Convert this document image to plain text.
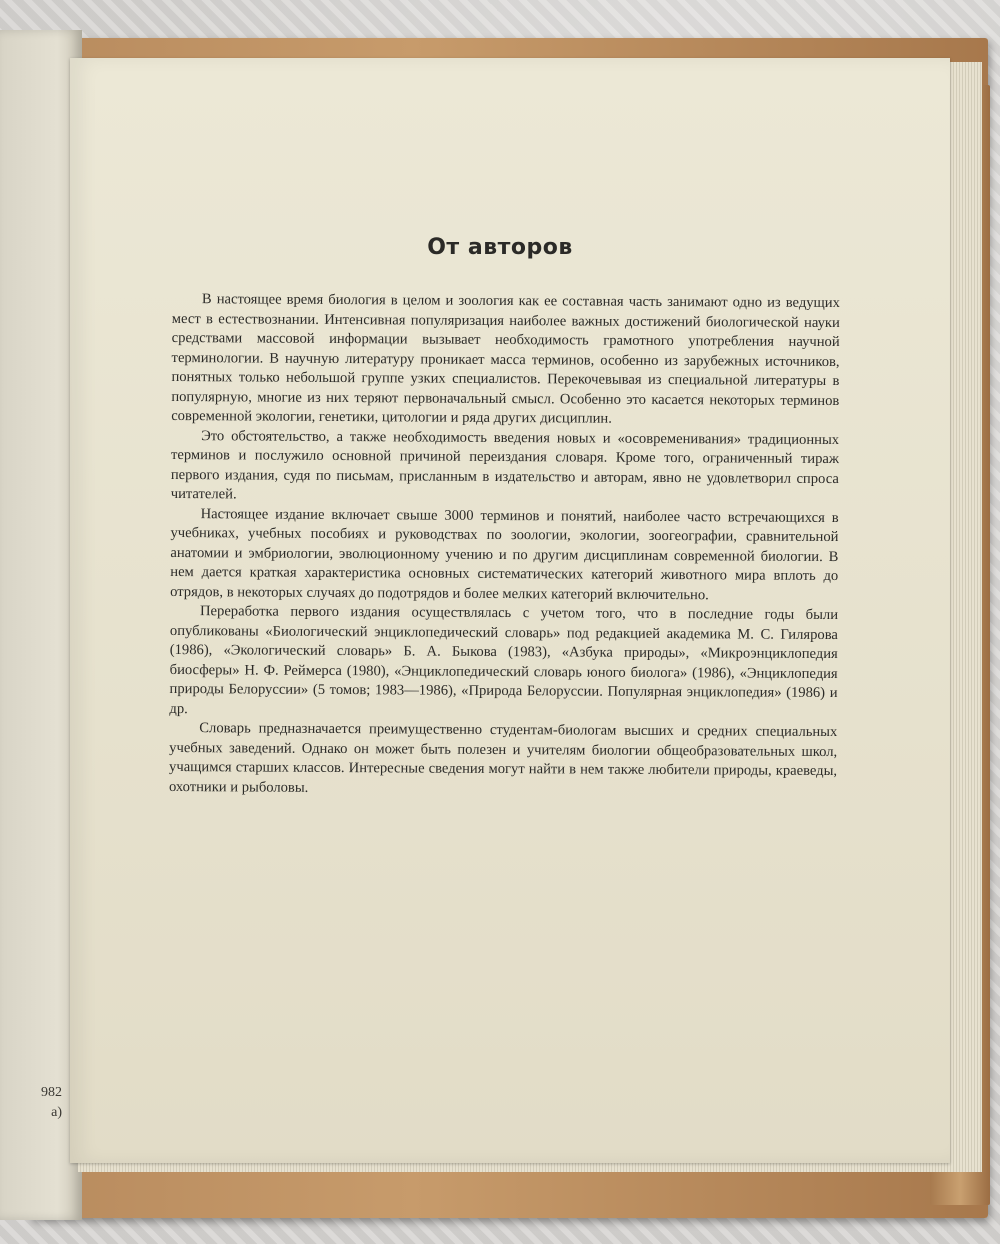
982
а)
От авторов

В настоящее время биология в целом и зоология как ее составная часть занимают одно из ведущих мест в естествознании. Интенсивная популяризация наиболее важных достижений биологической науки средствами массовой информации вызывает необходимость грамотного употребления научной терминологии. В научную литературу проникает масса терминов, особенно из зарубежных источников, понятных только небольшой группе узких специалистов. Перекочевывая из специальной литературы в популярную, многие из них теряют первоначальный смысл. Особенно это касается некоторых терминов современной экологии, генетики, цитологии и ряда других дисциплин.

Это обстоятельство, а также необходимость введения новых и «осовременивания» традиционных терминов и послужило основной причиной переиздания словаря. Кроме того, ограниченный тираж первого издания, судя по письмам, присланным в издательство и авторам, явно не удовлетворил спроса читателей.

Настоящее издание включает свыше 3000 терминов и понятий, наиболее часто встречающихся в учебниках, учебных пособиях и руководствах по зоологии, экологии, зоогеографии, сравнительной анатомии и эмбриологии, эволюционному учению и по другим дисциплинам современной биологии. В нем дается краткая характеристика основных систематических категорий животного мира вплоть до отрядов, в некоторых случаях до подотрядов и более мелких категорий включительно.

Переработка первого издания осуществлялась с учетом того, что в последние годы были опубликованы «Биологический энциклопедический словарь» под редакцией академика М. С. Гилярова (1986), «Экологический словарь» Б. А. Быкова (1983), «Азбука природы», «Микроэнциклопедия биосферы» Н. Ф. Реймерса (1980), «Энциклопедический словарь юного биолога» (1986), «Энциклопедия природы Белоруссии» (5 томов; 1983—1986), «Природа Белоруссии. Популярная энциклопедия» (1986) и др.

Словарь предназначается преимущественно студентам-биологам высших и средних специальных учебных заведений. Однако он может быть полезен и учителям биологии общеобразовательных школ, учащимся старших классов. Интересные сведения могут найти в нем также любители природы, краеведы, охотники и рыболовы.
